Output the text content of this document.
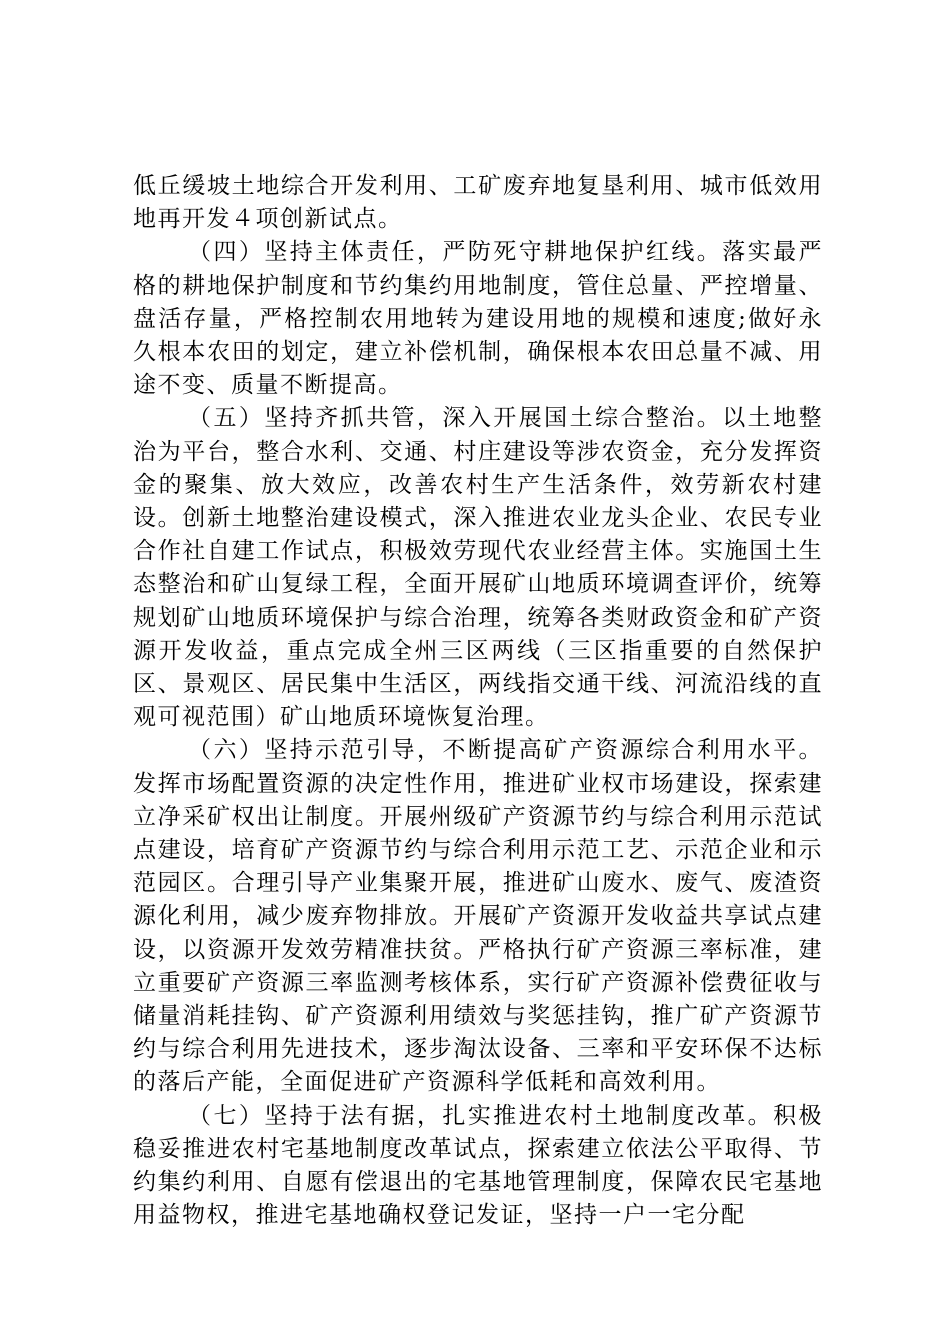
低丘缓坡土地综合开发利用、工矿废弃地复垦利用、城市低效用地再开发４项创新试点。

（四）坚持主体责任，严防死守耕地保护红线。落实最严格的耕地保护制度和节约集约用地制度，管住总量、严控增量、盘活存量，严格控制农用地转为建设用地的规模和速度;做好永久根本农田的划定，建立补偿机制，确保根本农田总量不减、用途不变、质量不断提高。

（五）坚持齐抓共管，深入开展国土综合整治。以土地整治为平台，整合水利、交通、村庄建设等涉农资金，充分发挥资金的聚集、放大效应，改善农村生产生活条件，效劳新农村建设。创新土地整治建设模式，深入推进农业龙头企业、农民专业合作社自建工作试点，积极效劳现代农业经营主体。实施国土生态整治和矿山复绿工程，全面开展矿山地质环境调查评价，统筹规划矿山地质环境保护与综合治理，统筹各类财政资金和矿产资源开发收益，重点完成全州三区两线（三区指重要的自然保护区、景观区、居民集中生活区，两线指交通干线、河流沿线的直观可视范围）矿山地质环境恢复治理。

（六）坚持示范引导，不断提高矿产资源综合利用水平。发挥市场配置资源的决定性作用，推进矿业权市场建设，探索建立净采矿权出让制度。开展州级矿产资源节约与综合利用示范试点建设，培育矿产资源节约与综合利用示范工艺、示范企业和示范园区。合理引导产业集聚开展，推进矿山废水、废气、废渣资源化利用，减少废弃物排放。开展矿产资源开发收益共享试点建设，以资源开发效劳精准扶贫。严格执行矿产资源三率标准，建立重要矿产资源三率监测考核体系，实行矿产资源补偿费征收与储量消耗挂钩、矿产资源利用绩效与奖惩挂钩，推广矿产资源节约与综合利用先进技术，逐步淘汰设备、三率和平安环保不达标的落后产能，全面促进矿产资源科学低耗和高效利用。

（七）坚持于法有据，扎实推进农村土地制度改革。积极稳妥推进农村宅基地制度改革试点，探索建立依法公平取得、节约集约利用、自愿有偿退出的宅基地管理制度，保障农民宅基地用益物权，推进宅基地确权登记发证，坚持一户一宅分配
